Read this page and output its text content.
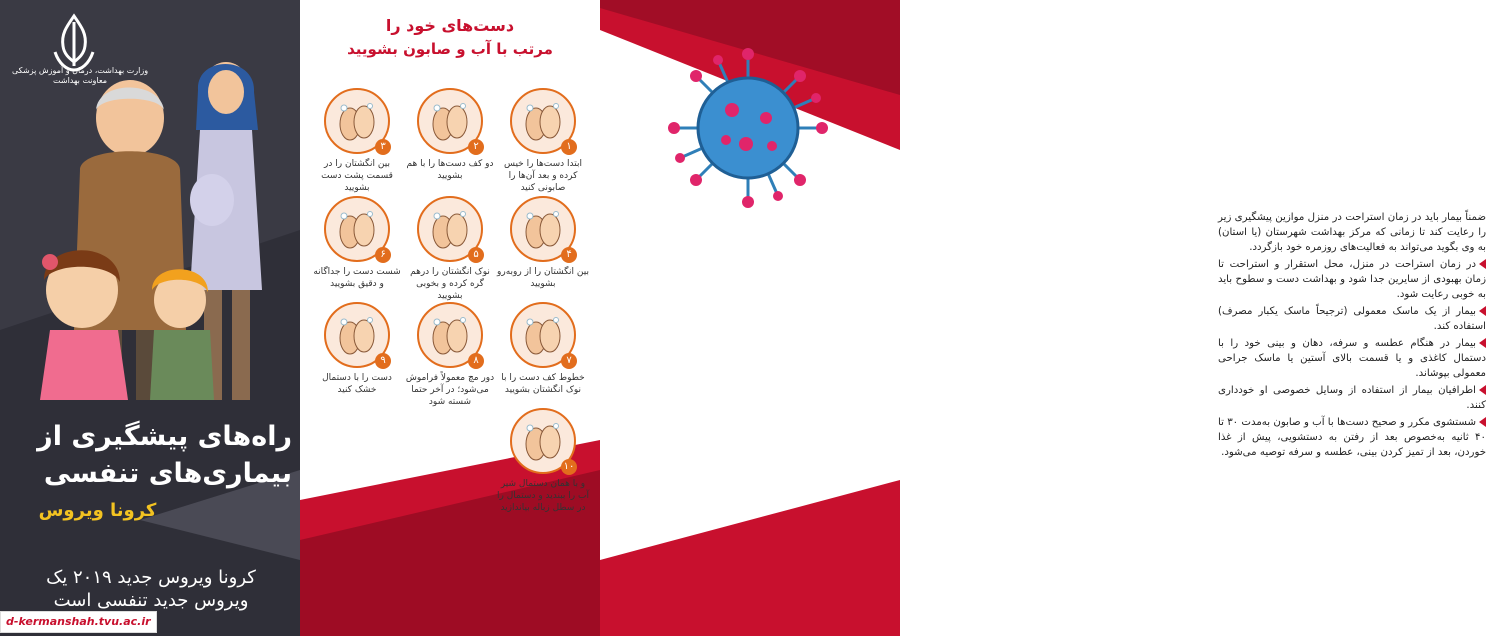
وزارت بهداشت، درمان و آموزش پزشکی
معاونت بهداشت
راه‌های پیشگیری از بیماری‌های تنفسی
کرونا ویروس
کرونا ویروس جدید ۲۰۱۹ یک ویروس جدید تنفسی است
d-kermanshah.tvu.ac.ir
دست‌های خود را
مرتب با آب و صابون بشویید
۱
ابتدا دست‌ها را خیس کرده و بعد آن‌ها را صابونی کنید
۲
دو کف دست‌ها را با هم بشویید
۳
بین انگشتان را در قسمت پشت دست بشویید
۴
بین انگشتان را از روبه‌رو بشویید
۵
نوک انگشتان را درهم گره کرده و بخوبی بشویید
۶
شست دست را جداگانه و دقیق بشویید
۷
خطوط کف دست را با نوک انگشتان بشویید
۸
دور مچ معمولاً فراموش می‌شود؛ در آخر حتما شسته شود
۹
دست را با دستمال خشک کنید
۱۰
و با همان دستمال شیر آب را ببندید و دستمال را در سطل زباله بیاندازید

ضمناً بیمار باید در زمان استراحت در منزل موازین پیشگیری زیر را رعایت کند تا زمانی که مرکز بهداشت شهرستان (یا استان) به وی بگوید می‌تواند به فعالیت‌های روزمره خود بازگردد.

در زمان استراحت در منزل، محل استقرار و استراحت تا زمان بهبودی از سایرین جدا شود و بهداشت دست و سطوح باید به خوبی رعایت شود.

بیمار از یک ماسک معمولی (ترجیحاً ماسک یکبار مصرف) استفاده کند.

بیمار در هنگام عطسه و سرفه، دهان و بینی خود را با دستمال کاغذی و یا قسمت بالای آستین یا ماسک جراحی معمولی بپوشاند.

اطرافیان بیمار از استفاده از وسایل خصوصی او خودداری کنند.

شستشوی مکرر و صحیح دست‌ها با آب و صابون به‌مدت ۳۰ تا ۴۰ ثانیه به‌خصوص بعد از رفتن به دستشویی، پیش از غذا خوردن، بعد از تمیز کردن بینی، عطسه و سرفه توصیه می‌شود.
